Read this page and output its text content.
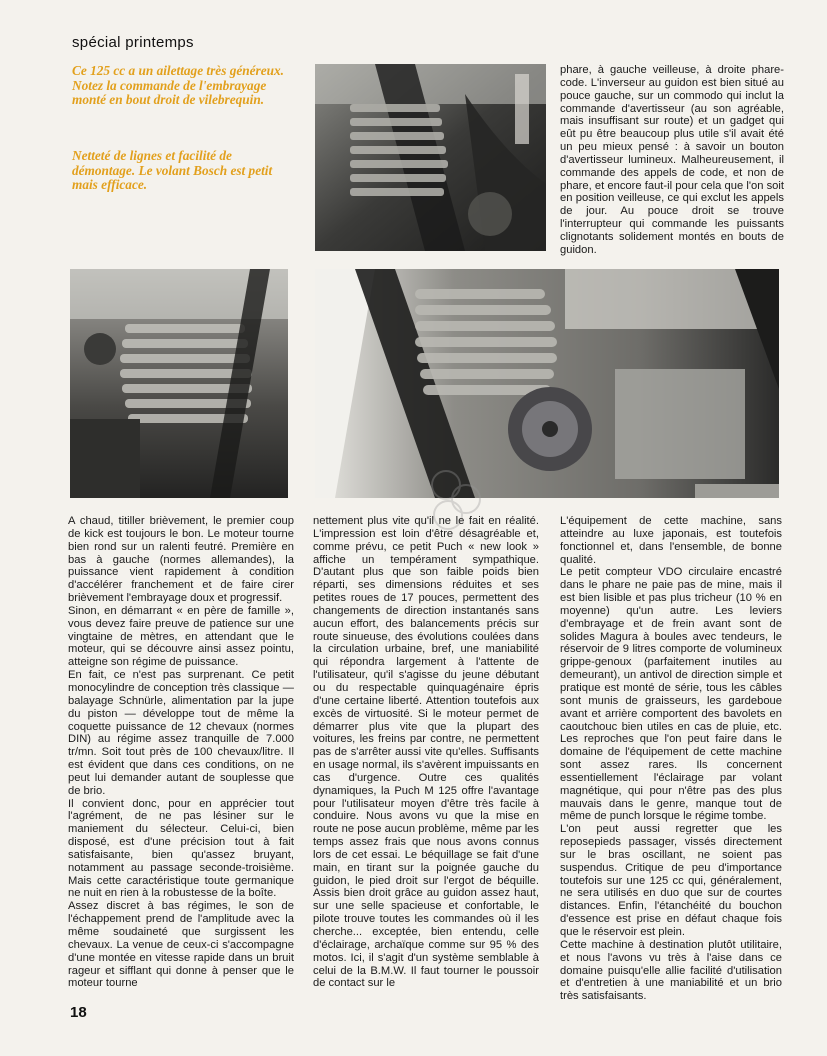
spécial printemps
Ce 125 cc a un ailettage très généreux. Notez la commande de l'embrayage monté en bout droit de vilebrequin.
Netteté de lignes et facilité de démontage. Le volant Bosch est petit mais efficace.

phare, à gauche veilleuse, à droite phare-code. L'inverseur au guidon est bien situé au pouce gauche, sur un commodo qui inclut la commande d'avertisseur (au son agréable, mais insuffisant sur route) et un gadget qui eût pu être beaucoup plus utile s'il avait été un peu mieux pensé : à savoir un bouton d'avertisseur lumineux. Malheureusement, il commande des appels de code, et non de phare, et encore faut-il pour cela que l'on soit en position veilleuse, ce qui exclut les appels de jour. Au pouce droit se trouve l'interrupteur qui commande les puissants clignotants solidement montés en bouts de guidon.

A chaud, titiller brièvement, le premier coup de kick est toujours le bon. Le moteur tourne bien rond sur un ralenti feutré. Première en bas à gauche (normes allemandes), la puissance vient rapidement à condition d'accélérer franchement et de faire cirer brièvement l'embrayage doux et progressif.

Sinon, en démarrant « en père de famille », vous devez faire preuve de patience sur une vingtaine de mètres, en attendant que le moteur, qui se découvre ainsi assez pointu, atteigne son régime de puissance.

En fait, ce n'est pas surprenant. Ce petit monocylindre de conception très classique — balayage Schnürle, alimentation par la jupe du piston — développe tout de même la coquette puissance de 12 chevaux (normes DIN) au régime assez tranquille de 7.000 tr/mn. Soit tout près de 100 chevaux/litre. Il est évident que dans ces conditions, on ne peut lui demander autant de souplesse que de brio.

Il convient donc, pour en apprécier tout l'agrément, de ne pas lésiner sur le maniement du sélecteur. Celui-ci, bien disposé, est d'une précision tout à fait satisfaisante, bien qu'assez bruyant, notamment au passage seconde-troisième. Mais cette caractéristique toute germanique ne nuit en rien à la robustesse de la boîte.

Assez discret à bas régimes, le son de l'échappement prend de l'amplitude avec la même soudaineté que surgissent les chevaux. La venue de ceux-ci s'accompagne d'une montée en vitesse rapide dans un bruit rageur et sifflant qui donne à penser que le moteur tourne

nettement plus vite qu'il ne le fait en réalité. L'impression est loin d'être désagréable et, comme prévu, ce petit Puch « new look » affiche un tempérament sympathique. D'autant plus que son faible poids bien réparti, ses dimensions réduites et ses petites roues de 17 pouces, permettent des changements de direction instantanés sans aucun effort, des balancements précis sur route sinueuse, des évolutions coulées dans la circulation urbaine, bref, une maniabilité qui répondra largement à l'attente de l'utilisateur, qu'il s'agisse du jeune débutant ou du respectable quinquagénaire épris d'une certaine liberté. Attention toutefois aux excès de virtuosité. Si le moteur permet de démarrer plus vite que la plupart des voitures, les freins par contre, ne permettent pas de s'arrêter aussi vite qu'elles. Suffisants en usage normal, ils s'avèrent impuissants en cas d'urgence. Outre ces qualités dynamiques, la Puch M 125 offre l'avantage pour l'utilisateur moyen d'être très facile à conduire. Nous avons vu que la mise en route ne pose aucun problème, même par les temps assez frais que nous avons connus lors de cet essai. Le béquillage se fait d'une main, en tirant sur la poignée gauche du guidon, le pied droit sur l'ergot de béquille. Assis bien droit grâce au guidon assez haut, sur une selle spacieuse et confortable, le pilote trouve toutes les commandes où il les cherche... exceptée, bien entendu, celle d'éclairage, archaïque comme sur 95 % des motos. Ici, il s'agit d'un système semblable à celui de la B.M.W. Il faut tourner le poussoir de contact sur le

L'équipement de cette machine, sans atteindre au luxe japonais, est toutefois fonctionnel et, dans l'ensemble, de bonne qualité.

Le petit compteur VDO circulaire encastré dans le phare ne paie pas de mine, mais il est bien lisible et pas plus tricheur (10 % en moyenne) qu'un autre. Les leviers d'embrayage et de frein avant sont de solides Magura à boules avec tendeurs, le réservoir de 9 litres comporte de volumineux grippe-genoux (parfaitement inutiles au demeurant), un antivol de direction simple et pratique est monté de série, tous les câbles sont munis de graisseurs, les gardeboue avant et arrière comportent des bavolets en caoutchouc bien utiles en cas de pluie, etc. Les reproches que l'on peut faire dans le domaine de l'équipement de cette machine sont assez rares. Ils concernent essentiellement l'éclairage par volant magnétique, qui pour n'être pas des plus mauvais dans le genre, manque tout de même de punch lorsque le régime tombe.

L'on peut aussi regretter que les reposepieds passager, vissés directement sur le bras oscillant, ne soient pas suspendus. Critique de peu d'importance toutefois sur une 125 cc qui, généralement, ne sera utilisés en duo que sur de courtes distances. Enfin, l'étanchéité du bouchon d'essence est prise en défaut chaque fois que le réservoir est plein.

Cette machine à destination plutôt utilitaire, et nous l'avons vu très à l'aise dans ce domaine puisqu'elle allie facilité d'utilisation et d'entretien à une maniabilité et un brio très satisfaisants.

18
